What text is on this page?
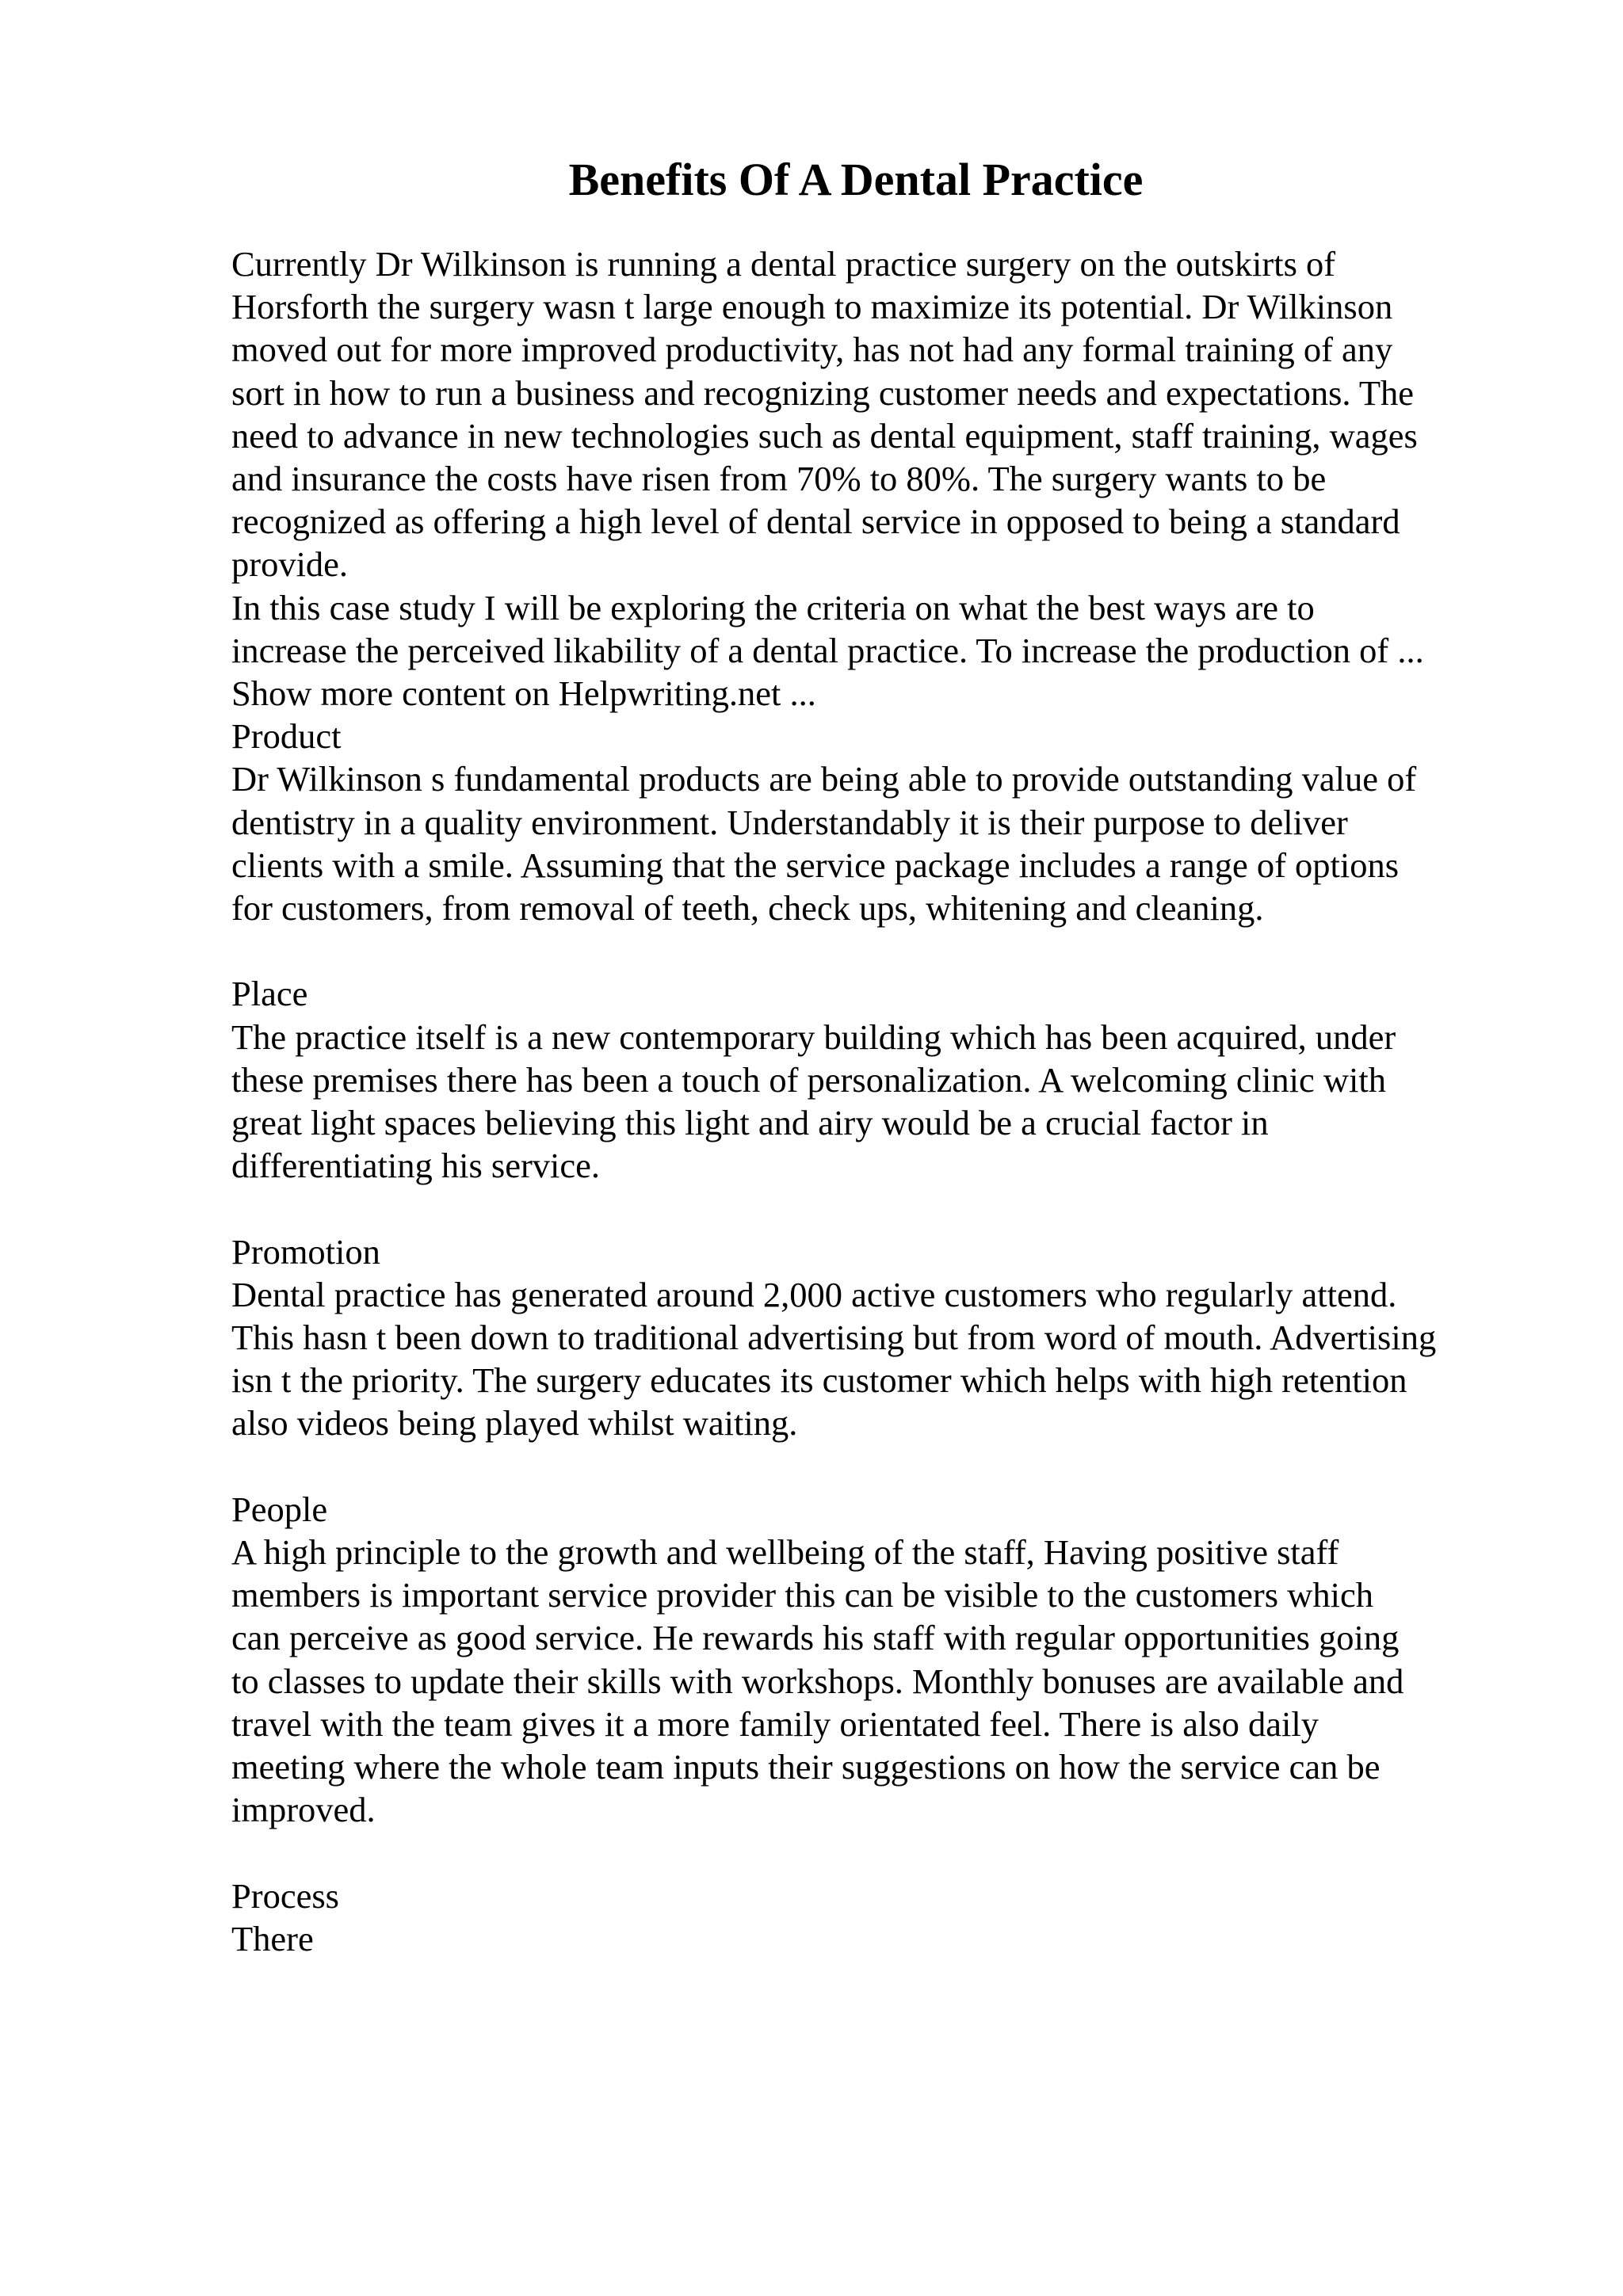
Benefits Of A Dental Practice

Currently Dr Wilkinson is running a dental practice surgery on the outskirts of

Horsforth the surgery wasn t large enough to maximize its potential. Dr Wilkinson

moved out for more improved productivity, has not had any formal training of any

sort in how to run a business and recognizing customer needs and expectations. The

need to advance in new technologies such as dental equipment, staff training, wages

and insurance the costs have risen from 70% to 80%. The surgery wants to be

recognized as offering a high level of dental service in opposed to being a standard

provide.

In this case study I will be exploring the criteria on what the best ways are to

increase the perceived likability of a dental practice. To increase the production of ...

Show more content on Helpwriting.net ...

Product

Dr Wilkinson s fundamental products are being able to provide outstanding value of

dentistry in a quality environment. Understandably it is their purpose to deliver

clients with a smile. Assuming that the service package includes a range of options

for customers, from removal of teeth, check ups, whitening and cleaning.

Place

The practice itself is a new contemporary building which has been acquired, under

these premises there has been a touch of personalization. A welcoming clinic with

great light spaces believing this light and airy would be a crucial factor in

differentiating his service.

Promotion

Dental practice has generated around 2,000 active customers who regularly attend.

This hasn t been down to traditional advertising but from word of mouth. Advertising

isn t the priority. The surgery educates its customer which helps with high retention

also videos being played whilst waiting.

People

A high principle to the growth and wellbeing of the staff, Having positive staff

members is important service provider this can be visible to the customers which

can perceive as good service. He rewards his staff with regular opportunities going

to classes to update their skills with workshops. Monthly bonuses are available and

travel with the team gives it a more family orientated feel. There is also daily

meeting where the whole team inputs their suggestions on how the service can be

improved.

Process

There
